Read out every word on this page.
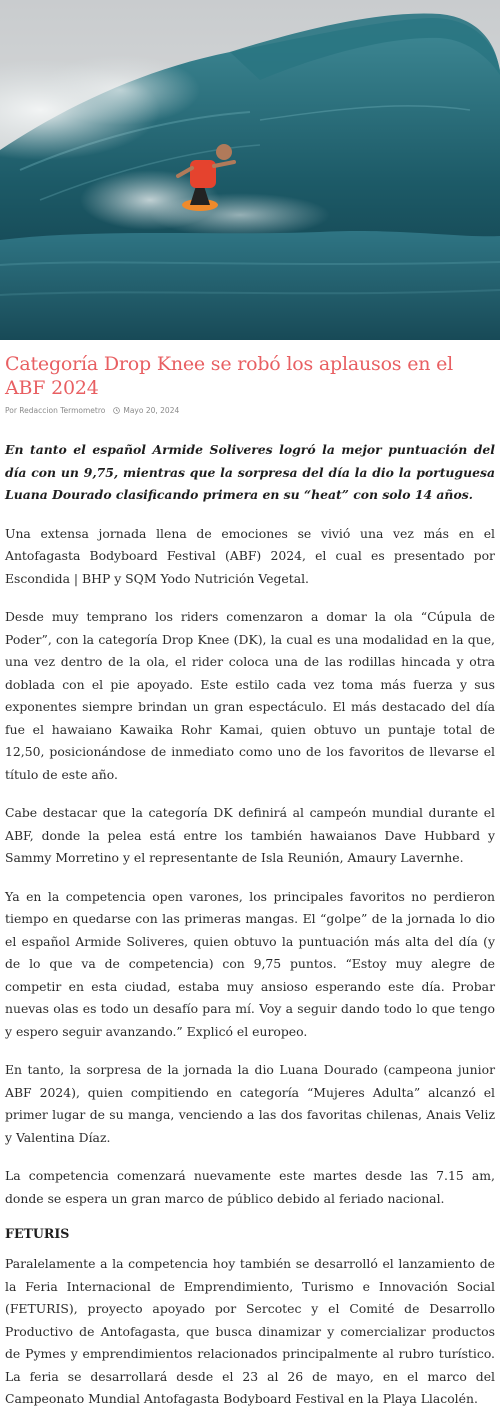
Categoría Drop Knee se robó los aplausos en el ABF 2024
Por Redaccion Termometro Mayo 20, 2024

En tanto el español Armide Soliveres logró la mejor puntuación del día con un 9,75, mientras que la sorpresa del día la dio la portuguesa Luana Dourado clasificando primera en su “heat” con solo 14 años.

Una extensa jornada llena de emociones se vivió una vez más en el Antofagasta Bodyboard Festival (ABF) 2024, el cual es presentado por Escondida | BHP y SQM Yodo Nutrición Vegetal.

Desde muy temprano los riders comenzaron a domar la ola “Cúpula de Poder”, con la categoría Drop Knee (DK), la cual es una modalidad en la que, una vez dentro de la ola, el rider coloca una de las rodillas hincada y otra doblada con el pie apoyado. Este estilo cada vez toma más fuerza y sus exponentes siempre brindan un gran espectáculo. El más destacado del día fue el hawaiano Kawaika Rohr Kamai, quien obtuvo un puntaje total de 12,50, posicionándose de inmediato como uno de los favoritos de llevarse el título de este año.

Cabe destacar que la categoría DK definirá al campeón mundial durante el ABF, donde la pelea está entre los también hawaianos Dave Hubbard y Sammy Morretino y el representante de Isla Reunión, Amaury Lavernhe.

Ya en la competencia open varones, los principales favoritos no perdieron tiempo en quedarse con las primeras mangas. El “golpe” de la jornada lo dio el español Armide Soliveres, quien obtuvo la puntuación más alta del día (y de lo que va de competencia) con 9,75 puntos. “Estoy muy alegre de competir en esta ciudad, estaba muy ansioso esperando este día. Probar nuevas olas es todo un desafío para mí. Voy a seguir dando todo lo que tengo y espero seguir avanzando.” Explicó el europeo.

En tanto, la sorpresa de la jornada la dio Luana Dourado (campeona junior ABF 2024), quien compitiendo en categoría “Mujeres Adulta” alcanzó el primer lugar de su manga, venciendo a las dos favoritas chilenas, Anais Veliz y Valentina Díaz.

La competencia comenzará nuevamente este martes desde las 7.15 am, donde se espera un gran marco de público debido al feriado nacional.

FETURIS

Paralelamente a la competencia hoy también se desarrolló el lanzamiento de la Feria Internacional de Emprendimiento, Turismo e Innovación Social (FETURIS), proyecto apoyado por Sercotec y el Comité de Desarrollo Productivo de Antofagasta, que busca dinamizar y comercializar productos de Pymes y emprendimientos relacionados principalmente al rubro turístico. La feria se desarrollará desde el 23 al 26 de mayo, en el marco del Campeonato Mundial Antofagasta Bodyboard Festival en la Playa Llacolén.
